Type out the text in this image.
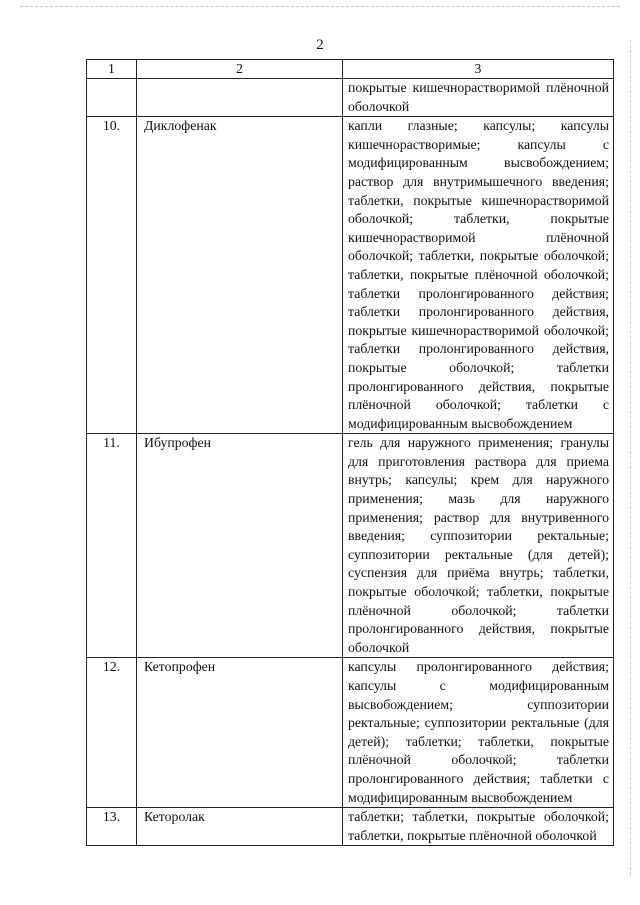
2
1	2	3
		покрытые кишечнорастворимой плёночной оболочкой
10.	Диклофенак	капли глазные; капсулы; капсулы кишечнорастворимые; капсулы с модифицированным высвобождением; раствор для внутримышечного введения; таблетки, покрытые кишечнорастворимой оболочкой; таблетки, покрытые кишечнорастворимой плёночной оболочкой; таблетки, покрытые оболочкой; таблетки, покрытые плёночной оболочкой; таблетки пролонгированного действия; таблетки пролонгированного действия, покрытые кишечнорастворимой оболочкой; таблетки пролонгированного действия, покрытые оболочкой; таблетки пролонгированного действия, покрытые плёночной оболочкой; таблетки с модифицированным высвобождением
11.	Ибупрофен	гель для наружного применения; гранулы для приготовления раствора для приема внутрь; капсулы; крем для наружного применения; мазь для наружного применения; раствор для внутривенного введения; суппозитории ректальные; суппозитории ректальные (для детей); суспензия для приёма внутрь; таблетки, покрытые оболочкой; таблетки, покрытые плёночной оболочкой; таблетки пролонгированного действия, покрытые оболочкой
12.	Кетопрофен	капсулы пролонгированного действия; капсулы с модифицированным высвобождением; суппозитории ректальные; суппозитории ректальные (для детей); таблетки; таблетки, покрытые плёночной оболочкой; таблетки пролонгированного действия; таблетки с модифицированным высвобождением
13.	Кеторолак	таблетки; таблетки, покрытые оболочкой; таблетки, покрытые плёночной оболочкой
